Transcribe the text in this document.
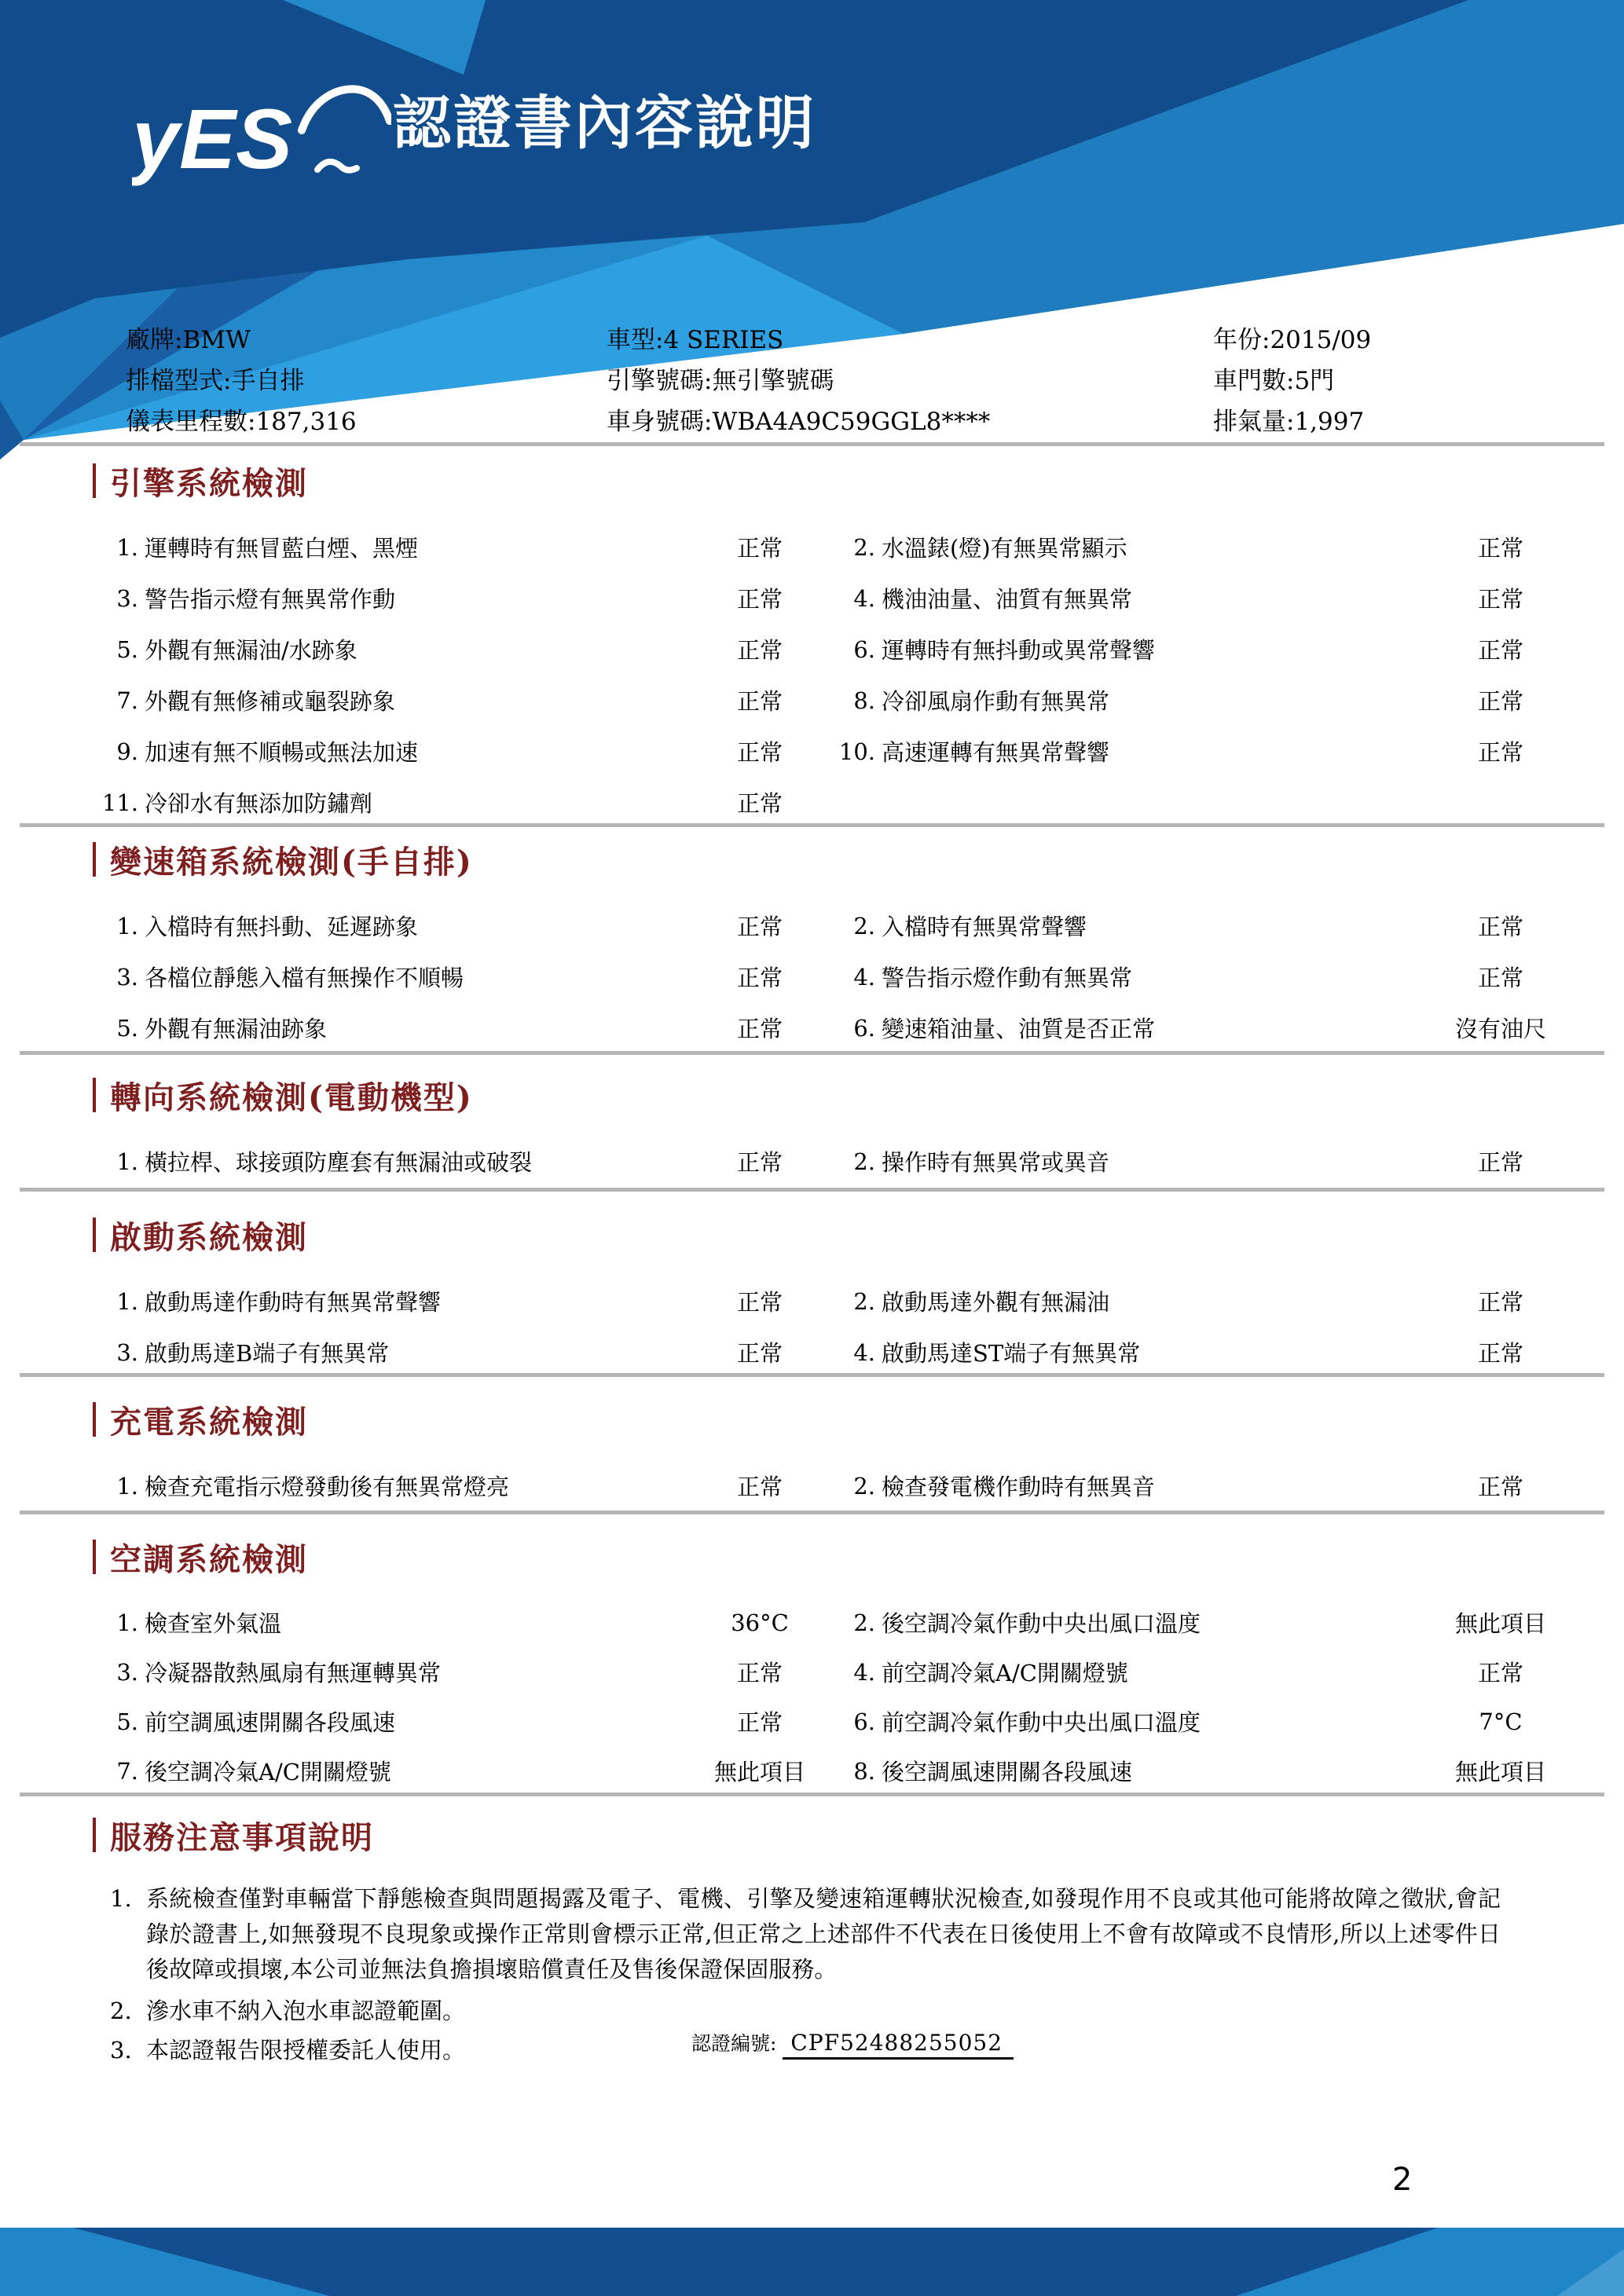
yES 認證書內容說明
廠牌:BMW	車型:4 SERIES	年份:2015/09
排檔型式:手自排	引擎號碼:無引擎號碼	車門數:5門
儀表里程數:187,316	車身號碼:WBA4A9C59GGL8****	排氣量:1,997
引擎系統檢測
1. 運轉時有無冒藍白煙、黑煙	正常	2. 水溫錶(燈)有無異常顯示	正常
3. 警告指示燈有無異常作動	正常	4. 機油油量、油質有無異常	正常
5. 外觀有無漏油/水跡象	正常	6. 運轉時有無抖動或異常聲響	正常
7. 外觀有無修補或龜裂跡象	正常	8. 冷卻風扇作動有無異常	正常
9. 加速有無不順暢或無法加速	正常	10. 高速運轉有無異常聲響	正常
11. 冷卻水有無添加防鏽劑	正常
變速箱系統檢測(手自排)
1. 入檔時有無抖動、延遲跡象	正常	2. 入檔時有無異常聲響	正常
3. 各檔位靜態入檔有無操作不順暢	正常	4. 警告指示燈作動有無異常	正常
5. 外觀有無漏油跡象	正常	6. 變速箱油量、油質是否正常	沒有油尺
轉向系統檢測(電動機型)
1. 橫拉桿、球接頭防塵套有無漏油或破裂	正常	2. 操作時有無異常或異音	正常
啟動系統檢測
1. 啟動馬達作動時有無異常聲響	正常	2. 啟動馬達外觀有無漏油	正常
3. 啟動馬達B端子有無異常	正常	4. 啟動馬達ST端子有無異常	正常
充電系統檢測
1. 檢查充電指示燈發動後有無異常燈亮	正常	2. 檢查發電機作動時有無異音	正常
空調系統檢測
1. 檢查室外氣溫	36°C	2. 後空調冷氣作動中央出風口溫度	無此項目
3. 冷凝器散熱風扇有無運轉異常	正常	4. 前空調冷氣A/C開關燈號	正常
5. 前空調風速開關各段風速	正常	6. 前空調冷氣作動中央出風口溫度	7°C
7. 後空調冷氣A/C開關燈號	無此項目	8. 後空調風速開關各段風速	無此項目
服務注意事項說明
1. 系統檢查僅對車輛當下靜態檢查與問題揭露及電子、電機、引擎及變速箱運轉狀況檢查,如發現作用不良或其他可能將故障之徵狀,會記錄於證書上,如無發現不良現象或操作正常則會標示正常,但正常之上述部件不代表在日後使用上不會有故障或不良情形,所以上述零件日後故障或損壞,本公司並無法負擔損壞賠償責任及售後保證保固服務。
2. 滲水車不納入泡水車認證範圍。
3. 本認證報告限授權委託人使用。	認證編號: CPF52488255052
2
